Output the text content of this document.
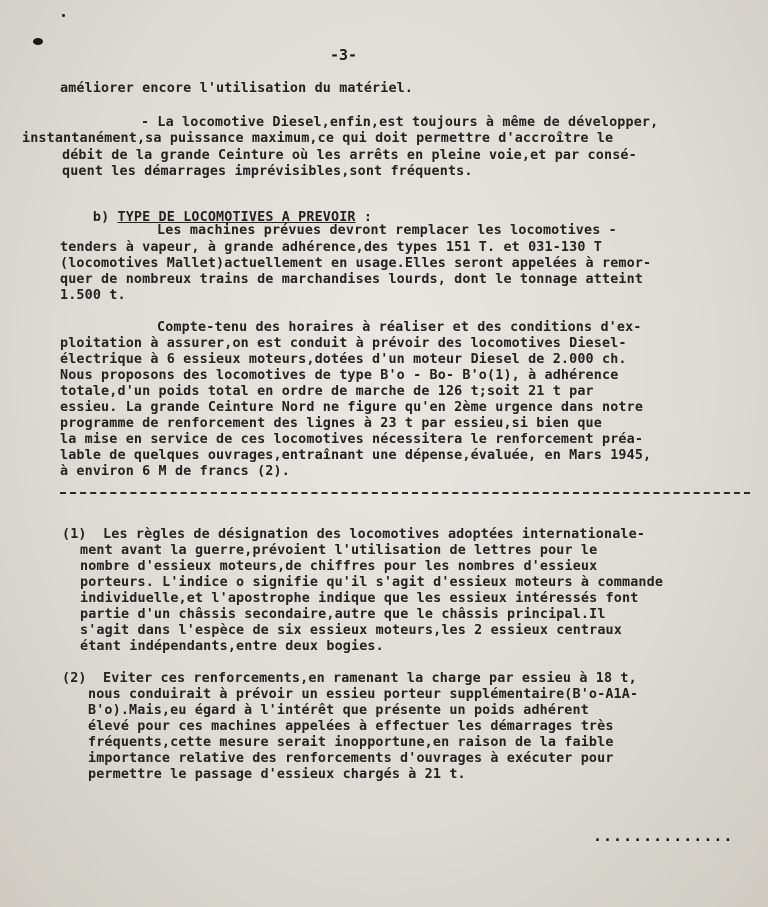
-3-
améliorer encore l'utilisation du matériel.
- La locomotive Diesel,enfin,est toujours à même de développer,
instantanément,sa puissance maximum,ce qui doit permettre d'accroître le
débit de la grande Ceinture où les arrêts en pleine voie,et par consé-
quent les démarrages imprévisibles,sont fréquents.

b) TYPE DE LOCOMOTIVES A PREVOIR :

Les machines prévues devront remplacer les locomotives -
tenders à vapeur, à grande adhérence,des types 151 T. et 031-130 T
(locomotives Mallet)actuellement en usage.Elles seront appelées à remor-
quer de nombreux trains de marchandises lourds, dont le tonnage atteint
1.500 t.
Compte-tenu des horaires à réaliser et des conditions d'ex-
ploitation à assurer,on est conduit à prévoir des locomotives Diesel-
électrique à 6 essieux moteurs,dotées d'un moteur Diesel de 2.000 ch.
Nous proposons des locomotives de type B'o - Bo- B'o(1), à adhérence
totale,d'un poids total en ordre de marche de 126 t;soit 21 t par
essieu. La grande Ceinture Nord ne figure qu'en 2ème urgence dans notre
programme de renforcement des lignes à 23 t par essieu,si bien que
la mise en service de ces locomotives nécessitera le renforcement préa-
lable de quelques ouvrages,entraînant une dépense,évaluée, en Mars 1945,
à environ 6 M de francs (2).
(1)  Les règles de désignation des locomotives adoptées internationale-
ment avant la guerre,prévoient l'utilisation de lettres pour le
nombre d'essieux moteurs,de chiffres pour les nombres d'essieux
porteurs. L'indice o signifie qu'il s'agit d'essieux moteurs à commande
individuelle,et l'apostrophe indique que les essieux intéressés font
partie d'un châssis secondaire,autre que le châssis principal.Il
s'agit dans l'espèce de six essieux moteurs,les 2 essieux centraux
étant indépendants,entre deux bogies.
(2)  Eviter ces renforcements,en ramenant la charge par essieu à 18 t,
nous conduirait à prévoir un essieu porteur supplémentaire(B'o-A1A-
B'o).Mais,eu égard à l'intérêt que présente un poids adhérent
élevé pour ces machines appelées à effectuer les démarrages très
fréquents,cette mesure serait inopportune,en raison de la faible
importance relative des renforcements d'ouvrages à exécuter pour
permettre le passage d'essieux chargés à 21 t.
..............
